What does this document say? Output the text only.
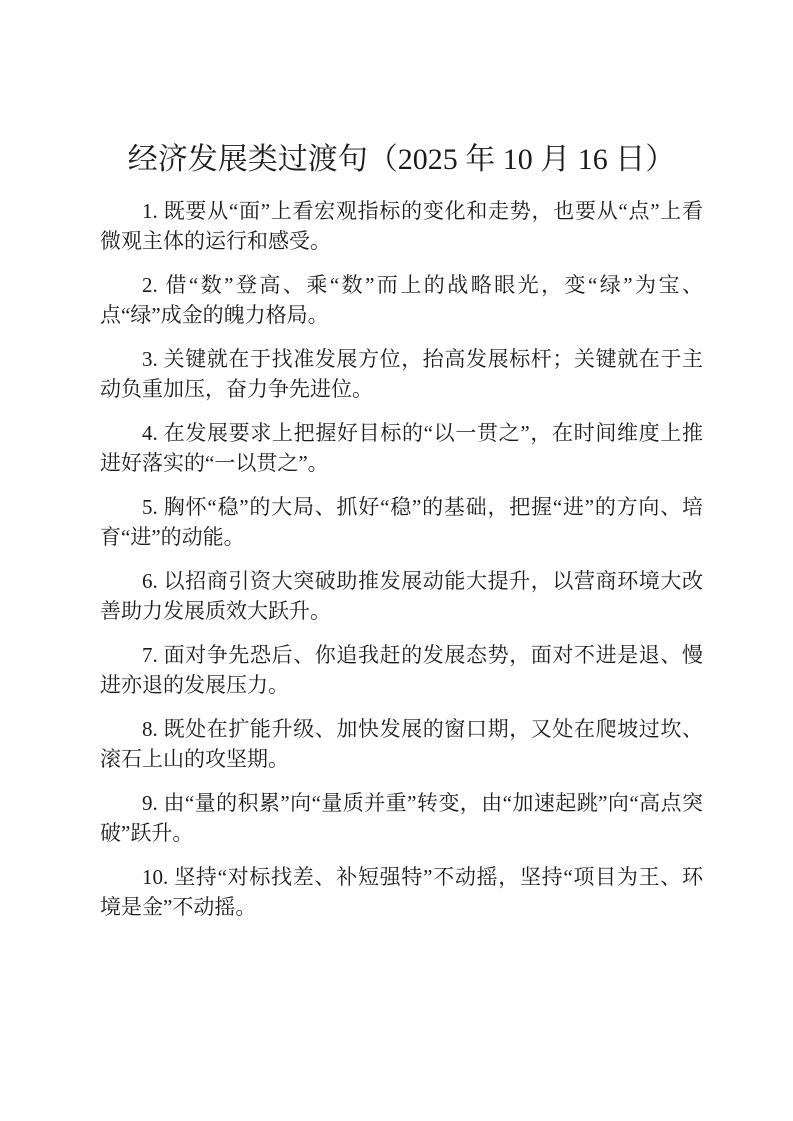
经济发展类过渡句（2025 年 10 月 16 日）

1. 既要从“面”上看宏观指标的变化和走势，也要从“点”上看微观主体的运行和感受。

2. 借“数”登高、乘“数”而上的战略眼光，变“绿”为宝、点“绿”成金的魄力格局。

3. 关键就在于找准发展方位，抬高发展标杆；关键就在于主动负重加压，奋力争先进位。

4. 在发展要求上把握好目标的“以一贯之”，在时间维度上推进好落实的“一以贯之”。

5. 胸怀“稳”的大局、抓好“稳”的基础，把握“进”的方向、培育“进”的动能。

6. 以招商引资大突破助推发展动能大提升，以营商环境大改善助力发展质效大跃升。

7. 面对争先恐后、你追我赶的发展态势，面对不进是退、慢进亦退的发展压力。

8. 既处在扩能升级、加快发展的窗口期，又处在爬坡过坎、滚石上山的攻坚期。

9. 由“量的积累”向“量质并重”转变，由“加速起跳”向“高点突破”跃升。

10. 坚持“对标找差、补短强特”不动摇，坚持“项目为王、环境是金”不动摇。
